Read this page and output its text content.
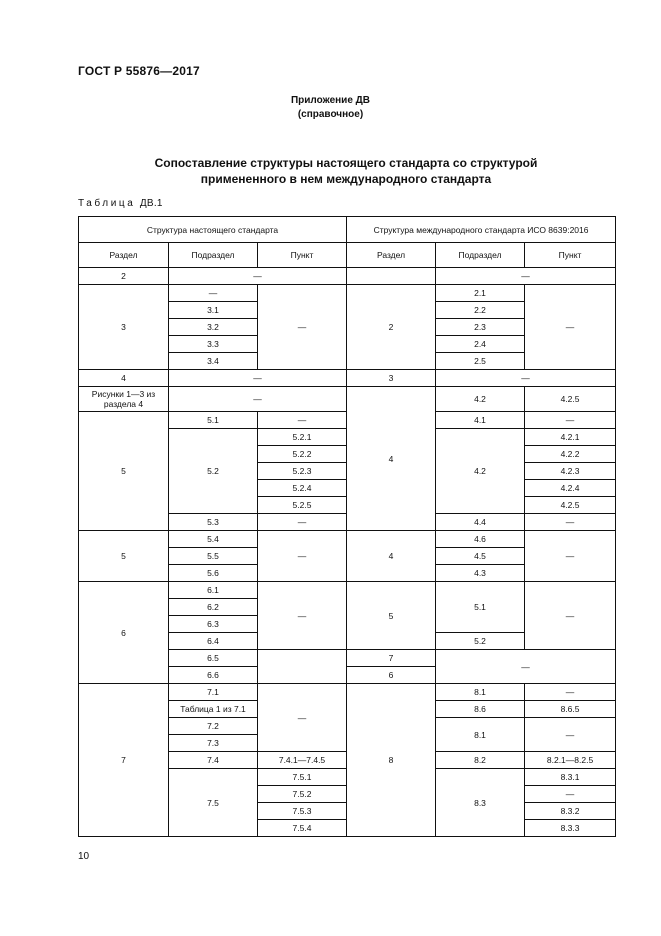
ГОСТ Р 55876—2017
Приложение ДВ
(справочное)
Сопоставление структуры настоящего стандарта со структурой
примененного в нем международного стандарта
Таблица ДВ.1
Структура настоящего стандарта			Структура международного стандарта ИСО 8639:2016		
Раздел	Подраздел	Пункт	Раздел	Подраздел	Пункт
2	—			—	
3	—	—	2	2.1	—
	3.1			2.2	
	3.2			2.3	
	3.3			2.4	
	3.4			2.5	
4	—		3	—	
Рисунки 1—3 из раздела 4	—		4	4.2	4.2.5
5	5.1	—		4.1	—
	5.2	5.2.1		4.2	4.2.1
		5.2.2			4.2.2
		5.2.3			4.2.3
		5.2.4			4.2.4
		5.2.5			4.2.5
	5.3	—		4.4	—
5	5.4	—	4	4.6	—
	5.5			4.5	
	5.6			4.3	
6	6.1	—	5	5.1	—
	6.2				
	6.3				
	6.4			5.2	
	6.5		7	—	
	6.6		6		
7	7.1	—	8	8.1	—
	Таблица 1 из 7.1			8.6	8.6.5
	7.2			8.1	—
	7.3				
	7.4	7.4.1—7.4.5		8.2	8.2.1—8.2.5
	7.5	7.5.1		8.3	8.3.1
		7.5.2			—
		7.5.3			8.3.2
		7.5.4			8.3.3
10
